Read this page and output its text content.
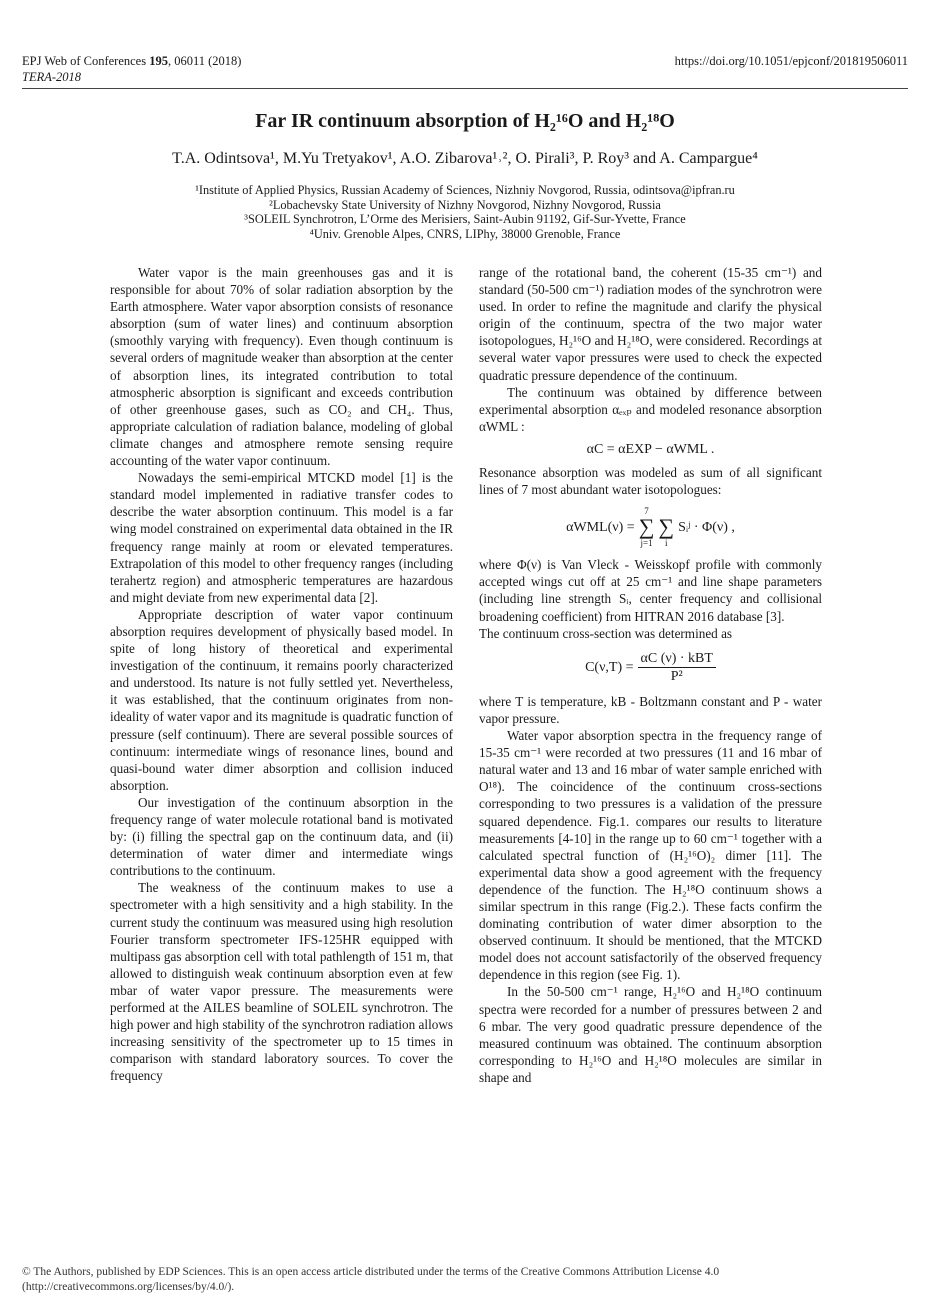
EPJ Web of Conferences 195, 06011 (2018)
TERA-2018
https://doi.org/10.1051/epjconf/201819506011
Far IR continuum absorption of H₂¹⁶O and H₂¹⁸O
T.A. Odintsova¹, M.Yu Tretyakov¹, A.O. Zibarova¹˒², O. Pirali³, P. Roy³ and A. Campargue⁴
¹Institute of Applied Physics, Russian Academy of Sciences, Nizhniy Novgorod, Russia, odintsova@ipfran.ru
²Lobachevsky State University of Nizhny Novgorod, Nizhny Novgorod, Russia
³SOLEIL Synchrotron, L’Orme des Merisiers, Saint-Aubin 91192, Gif-Sur-Yvette, France
⁴Univ. Grenoble Alpes, CNRS, LIPhy, 38000 Grenoble, France

Water vapor is the main greenhouses gas and it is responsible for about 70% of solar radiation absorption by the Earth atmosphere. Water vapor absorption consists of resonance absorption (sum of water lines) and continuum absorption (smoothly varying with frequency). Even though continuum is several orders of magnitude weaker than absorption at the center of absorption lines, its integrated contribution to total atmospheric absorption is significant and exceeds contribution of other greenhouse gases, such as CO₂ and CH₄. Thus, appropriate calculation of radiation balance, modeling of global climate changes and atmosphere remote sensing require accounting of the water vapor continuum.

Nowadays the semi-empirical MTCKD model [1] is the standard model implemented in radiative transfer codes to describe the water absorption continuum. This model is a far wing model constrained on experimental data obtained in the IR frequency range mainly at room or elevated temperatures. Extrapolation of this model to other frequency ranges (including terahertz region) and atmospheric temperatures are hazardous and might deviate from new experimental data [2].

Appropriate description of water vapor continuum absorption requires development of physically based model. In spite of long history of theoretical and experimental investigation of the continuum, it remains poorly characterized and understood. Its nature is not fully settled yet. Nevertheless, it was established, that the continuum originates from non-ideality of water vapor and its magnitude is quadratic function of pressure (self continuum). There are several possible sources of continuum: intermediate wings of resonance lines, bound and quasi-bound water dimer absorption and collision induced absorption.

Our investigation of the continuum absorption in the frequency range of water molecule rotational band is motivated by: (i) filling the spectral gap on the continuum data, and (ii) determination of water dimer and intermediate wings contributions to the continuum.

The weakness of the continuum makes to use a spectrometer with a high sensitivity and a high stability. In the current study the continuum was measured using high resolution Fourier transform spectrometer IFS-125HR equipped with multipass gas absorption cell with total pathlength of 151 m, that allowed to distinguish weak continuum absorption even at few mbar of water vapor pressure. The measurements were performed at the AILES beamline of SOLEIL synchrotron. The high power and high stability of the synchrotron radiation allows increasing sensitivity of the spectrometer up to 15 times in comparison with standard laboratory sources. To cover the frequency

range of the rotational band, the coherent (15-35 cm⁻¹) and standard (50-500 cm⁻¹) radiation modes of the synchrotron were used. In order to refine the magnitude and clarify the physical origin of the continuum, spectra of the two major water isotopologues, H₂¹⁶O and H₂¹⁸O, were considered. Recordings at several water vapor pressures were used to check the expected quadratic pressure dependence of the continuum.

The continuum was obtained by difference between experimental absorption αₑₓₚ and modeled resonance absorption αWML :

αC = αEXP − αWML .

Resonance absorption was modeled as sum of all significant lines of 7 most abundant water isotopologues:

αWML(ν) =
7
∑
j=1

∑
i
Sᵢʲ · Φ(ν) ,

where Φ(ν) is Van Vleck - Weisskopf profile with commonly accepted wings cut off at 25 cm⁻¹ and line shape parameters (including line strength Sᵢ, center frequency and collisional broadening coefficient) from HITRAN 2016 database [3].

The continuum cross-section was determined as

$C(\nu,T) = \frac{\text{αC (ν) · kBT}}{\text{P²}}$

where T is temperature, kB - Boltzmann constant and P - water vapor pressure.

Water vapor absorption spectra in the frequency range of 15-35 cm⁻¹ were recorded at two pressures (11 and 16 mbar of natural water and 13 and 16 mbar of water sample enriched with O¹⁸). The coincidence of the continuum cross-sections corresponding to two pressures is a validation of the pressure squared dependence. Fig.1. compares our results to literature measurements [4-10] in the range up to 60 cm⁻¹ together with a calculated spectral function of (H₂¹⁶O)₂ dimer [11]. The experimental data show a good agreement with the frequency dependence of the function. The H₂¹⁸O continuum shows a similar spectrum in this range (Fig.2.). These facts confirm the dominating contribution of water dimer absorption to the observed continuum. It should be mentioned, that the MTCKD model does not account satisfactorily of the observed frequency dependence in this region (see Fig. 1).

In the 50-500 cm⁻¹ range, H₂¹⁶O and H₂¹⁸O continuum spectra were recorded for a number of pressures between 2 and 6 mbar. The very good quadratic pressure dependence of the measured continuum was obtained. The continuum absorption corresponding to H₂¹⁶O and H₂¹⁸O molecules are similar in shape and

© The Authors, published by EDP Sciences. This is an open access article distributed under the terms of the Creative Commons Attribution License 4.0
(http://creativecommons.org/licenses/by/4.0/).
